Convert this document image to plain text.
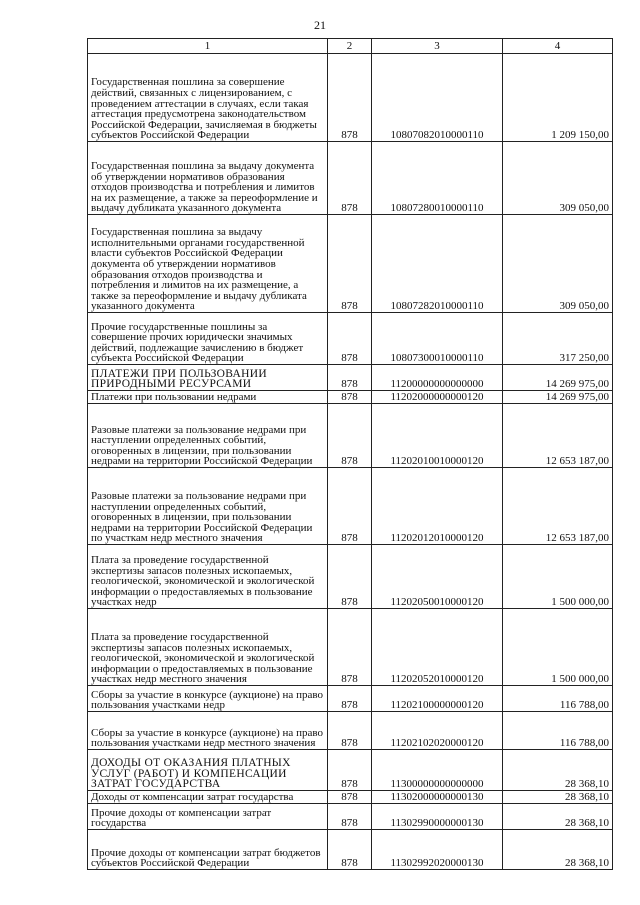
21
1	2	3	4
Государственная пошлина за совершение действий, связанных с лицензированием, с проведением аттестации в случаях, если такая аттестация предусмотрена законодательством Российской Федерации, зачисляемая в бюджеты субъектов Российской Федерации	878	10807082010000110	1 209 150,00
Государственная пошлина за выдачу документа об утверждении нормативов образования отходов производства и потребления и лимитов на их размещение, а также за переоформление и выдачу дубликата указанного документа	878	10807280010000110	309 050,00
Государственная пошлина за выдачу исполнительными органами государственной власти субъектов Российской Федерации документа об утверждении нормативов образования отходов производства и потребления и лимитов на их размещение, а также за переоформление и выдачу дубликата указанного документа	878	10807282010000110	309 050,00
Прочие государственные пошлины за совершение прочих юридически значимых действий, подлежащие зачислению в бюджет субъекта Российской Федерации	878	10807300010000110	317 250,00
ПЛАТЕЖИ ПРИ ПОЛЬЗОВАНИИ ПРИРОДНЫМИ РЕСУРСАМИ	878	11200000000000000	14 269 975,00
Платежи при пользовании недрами	878	11202000000000120	14 269 975,00
Разовые платежи за пользование недрами при наступлении определенных событий, оговоренных в лицензии, при пользовании недрами на территории Российской Федерации	878	11202010010000120	12 653 187,00
Разовые платежи за пользование недрами при наступлении определенных событий, оговоренных в лицензии, при пользовании недрами на территории Российской Федерации по участкам недр местного значения	878	11202012010000120	12 653 187,00
Плата за проведение государственной экспертизы запасов полезных ископаемых, геологической, экономической и экологической информации о предоставляемых в пользование участках недр	878	11202050010000120	1 500 000,00
Плата за проведение государственной экспертизы запасов полезных ископаемых, геологической, экономической и экологической информации о предоставляемых в пользование участках недр местного значения	878	11202052010000120	1 500 000,00
Сборы за участие в конкурсе (аукционе) на право пользования участками недр	878	11202100000000120	116 788,00
Сборы за участие в конкурсе (аукционе) на право пользования участками недр местного значения	878	11202102020000120	116 788,00
ДОХОДЫ ОТ ОКАЗАНИЯ ПЛАТНЫХ УСЛУГ (РАБОТ) И КОМПЕНСАЦИИ ЗАТРАТ ГОСУДАРСТВА	878	11300000000000000	28 368,10
Доходы от компенсации затрат государства	878	11302000000000130	28 368,10
Прочие доходы от компенсации затрат государства	878	11302990000000130	28 368,10
Прочие доходы от компенсации затрат бюджетов субъектов Российской Федерации	878	11302992020000130	28 368,10
